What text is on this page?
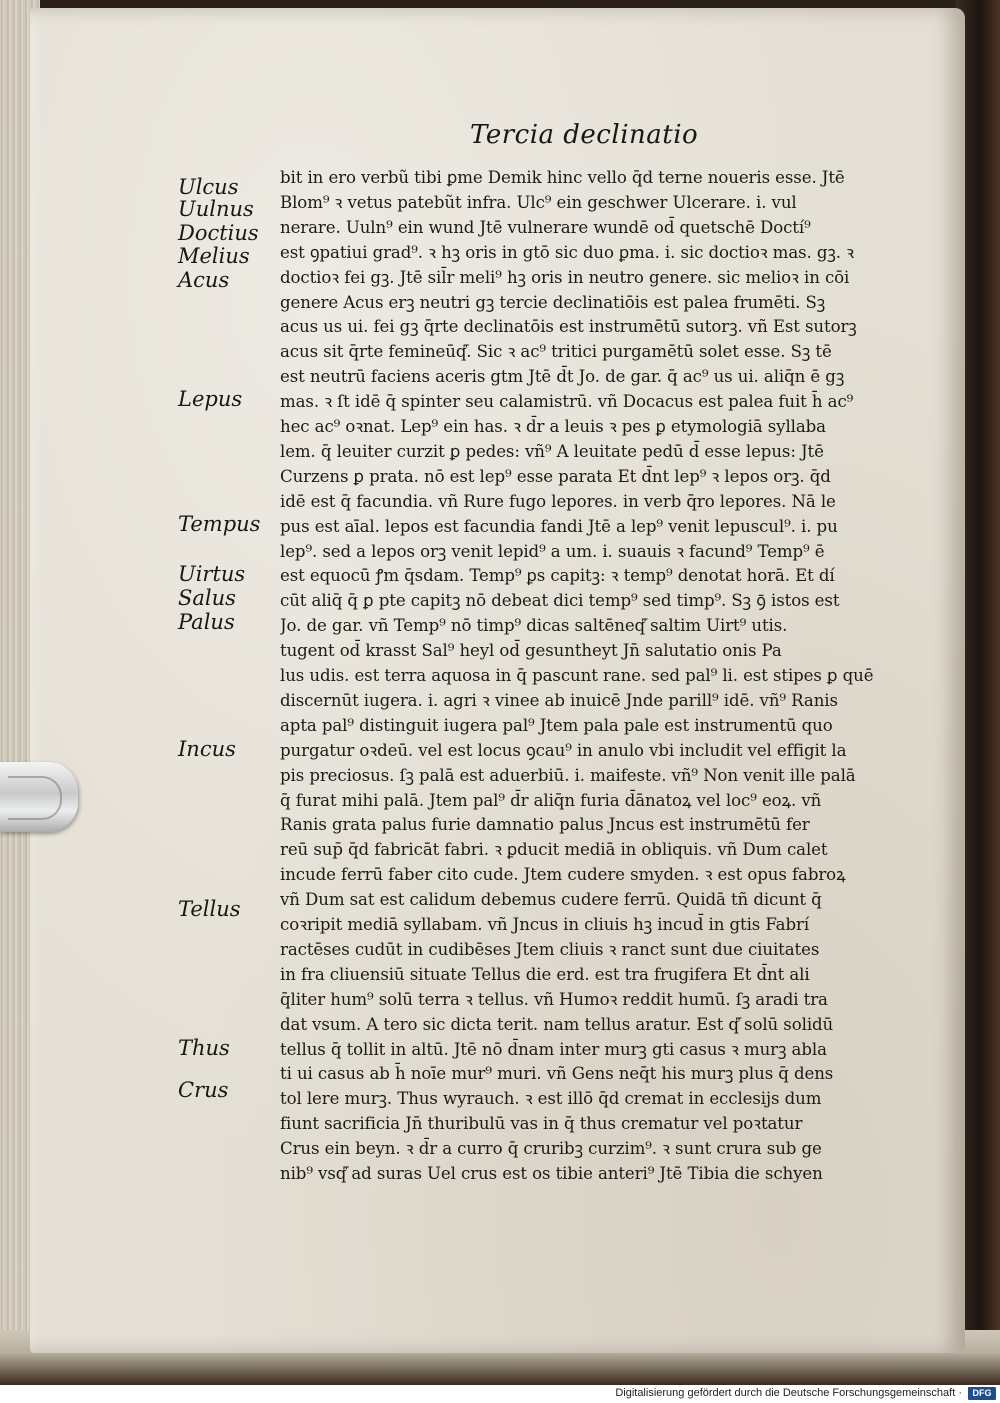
Tercia declinatio
Ulcus
Uulnus
Doctius
Melius
Acus
Lepus
Tempus
Uirtus
Salus
Palus
Incus
Tellus
Thus
Crus
bit in ero verbũ tibi ꝑme Demik hinc vello q̄d terne noueris esse. Jtē
Blom⁹ ꝛ vetus patebũt infra. Ulc⁹ ein geschwer Ulcerare. i. vul
nerare. Uuln⁹ ein wund Jtē vulnerare wundē od̄ quetschē Doctí⁹
est ꝯpatiui grad⁹. ꝛ hꝫ oris in gtō sic duo ꝑma. i. sic doctioꝛ mas. gꝫ. ꝛ
doctioꝛ fei gꝫ. Jtē sil̄r meli⁹ hꝫ oris in neutro genere. sic melioꝛ in cōi
genere Acus erꝫ neutri gꝫ tercie declinatiōis est palea frumēti. Sꝫ
acus us ui. fei gꝫ q̄rte declinatōis est instrumētū sutorꝫ. vñ Est sutorꝫ
acus sit q̄rte femineūq꜠. Sic ꝛ ac⁹ tritici purgamētū solet esse. Sꝫ tē
est neutrū faciens aceris gtm Jtē d̄t Jo. de gar. q̄ ac⁹ us ui. aliq̄n ē gꝫ
mas. ꝛ ſt idē q̄ spinter seu calamistrū. vñ Docacus est palea fuit h̄ ac⁹
hec ac⁹ oꝛnat. Lep⁹ ein has. ꝛ d̄r a leuis ꝛ pes ꝑ etymologiā syllaba
lem. q̄ leuiter curzit ꝑ pedes: vñ⁹ A leuitate pedū d̄ esse lepus: Jtē
Curzens ꝑ prata. nō est lep⁹ esse parata Et d̄nt lep⁹ ꝛ lepos orꝫ. q̄d
idē est q̄ facundia. vñ Rure fugo lepores. in verb q̄ro lepores. Nā le
pus est aīal. lepos est facundia fandi Jtē a lep⁹ venit lepuscul⁹. i. pu
lep⁹. sed a lepos orꝫ venit lepid⁹ a um. i. suauis ꝛ facund⁹ Temp⁹ ē
est equocū ꝭm q̄sdam. Temp⁹ ꝑs capitꝫ: ꝛ temp⁹ denotat horā. Et dí
cūt aliq̄ q̄ ꝑ pte capitꝫ nō debeat dici temp⁹ sed timp⁹. Sꝫ ꝯ̄ istos est
Jo. de gar. vñ Temp⁹ nō timp⁹ dicas saltēneq꜠ saltim Uirt⁹ utis.
tugent od̄ krasst Sal⁹ heyl od̄ gesuntheyt Jn̄ salutatio onis Pa
lus udis. est terra aquosa in q̄ pascunt rane. sed pal⁹ li. est stipes ꝑ quē
discernūt iugera. i. agri ꝛ vinee ab inuicē Jnde parill⁹ idē. vñ⁹ Ranis
apta pal⁹ distinguit iugera pal⁹ Jtem pala pale est instrumentū quo
purgatur oꝛdeū. vel est locus ꝯcau⁹ in anulo vbi includit vel effigit la
pis preciosus. ſꝫ palā est aduerbiū. i. maifeste. vñ⁹ Non venit ille palā
q̄ furat mihi palā. Jtem pal⁹ d̄r aliq̄n furia d̄ānatoꝝ vel loc⁹ eoꝝ. vñ
Ranis grata palus furie damnatio palus Jncus est instrumētū fer
reū sup̄ q̄d fabricāt fabri. ꝛ ꝑducit mediā in obliquis. vñ Dum calet
incude ferrū faber cito cude. Jtem cudere smyden. ꝛ est opus fabroꝝ
vñ Dum sat est calidum debemus cudere ferrū. Quidā tñ dicunt q̄
coꝛripit mediā syllabam. vñ Jncus in cliuis hꝫ incud̄ in gtis Fabrí
ractēses cudūt in cudibēses Jtem cliuis ꝛ ranct sunt due ciuitates
in fra cliuensiū situate Tellus die erd. est tra frugifera Et d̄nt ali
q̄liter hum⁹ solū terra ꝛ tellus. vñ Humoꝛ reddit humū. ſꝫ aradi tra
dat vsum. A tero sic dicta terit. nam tellus aratur. Est q꜠ solū solidū
tellus q̄ tollit in altū. Jtē nō d̄nam inter murꝫ gti casus ꝛ murꝫ abla
ti ui casus ab h̄ noīe mur⁹ muri. vñ Gens neq̄t his murꝫ plus q̄ dens
tol lere murꝫ. Thus wyrauch. ꝛ est illō q̄d cremat in ecclesijs dum
fiunt sacrificia Jn̄ thuribulū vas in q̄ thus crematur vel poꝛtatur
Crus ein beyn. ꝛ d̄r a curro q̄ cruribꝫ curzim⁹. ꝛ sunt crura sub ge
nib⁹ vsq꜠ ad suras Uel crus est os tibie anteri⁹ Jtē Tibia die schyen
Digitalisierung gefördert durch die Deutsche Forschungsgemeinschaft ·	DFG
